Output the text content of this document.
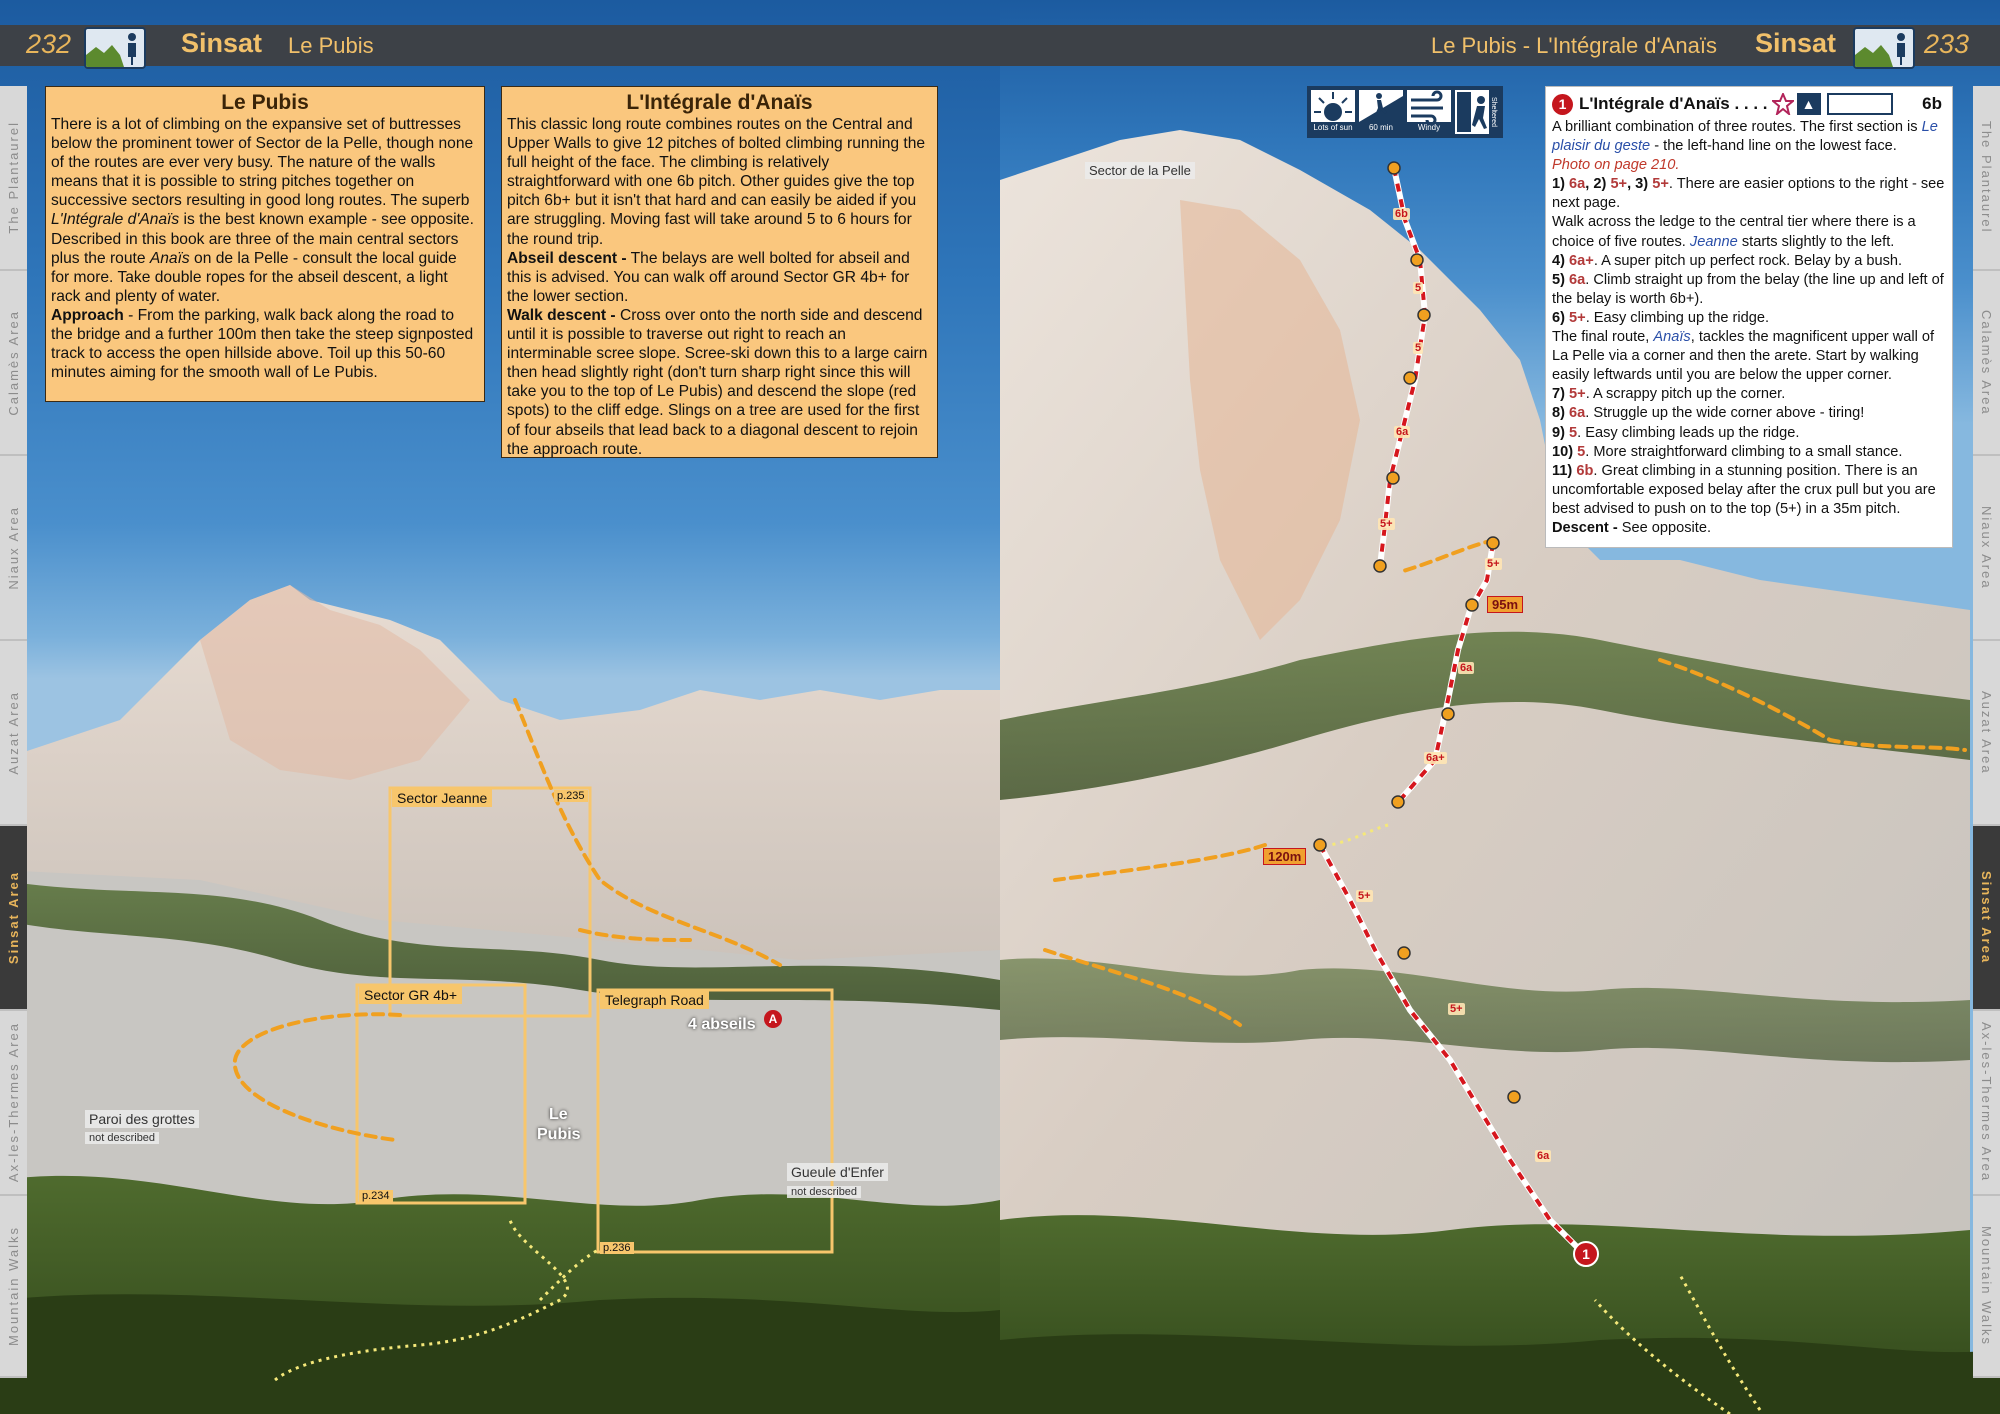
1
232	Sinsat Le Pubis	Le Pubis - L'Intégrale d'Anaïs Sinsat	233
The Plantaurel
Calamès Area
Niaux Area
Auzat Area
Sinsat Area
Ax-les-Thermes Area
Mountain Walks
The Plantaurel
Calamès Area
Niaux Area
Auzat Area
Sinsat Area
Ax-les-Thermes Area
Mountain Walks
Le Pubis

There is a lot of climbing on the expansive set of buttresses below the prominent tower of Sector de la Pelle, though none of the routes are ever very busy. The nature of the walls means that it is possible to string pitches together on successive sectors resulting in good long routes. The superb L'Intégrale d'Anaïs is the best known example - see opposite.

Described in this book are three of the main central sectors plus the route Anaïs on de la Pelle - consult the local guide for more. Take double ropes for the abseil descent, a light rack and plenty of water.

Approach - From the parking, walk back along the road to the bridge and a further 100m then take the steep signposted track to access the open hillside above. Toil up this 50-60 minutes aiming for the smooth wall of Le Pubis.

L'Intégrale d'Anaïs

This classic long route combines routes on the Central and Upper Walls to give 12 pitches of bolted climbing running the full height of the face. The climbing is relatively straightforward with one 6b pitch. Other guides give the top pitch 6b+ but it isn't that hard and can easily be aided if you are struggling. Moving fast will take around 5 to 6 hours for the round trip.

Abseil descent - The belays are well bolted for abseil and this is advised. You can walk off around Sector GR 4b+ for the lower section.

Walk descent - Cross over onto the north side and descend until it is possible to traverse out right to reach an interminable scree slope. Scree-ski down this to a large cairn then head slightly right (don't turn sharp right since this will take you to the top of Le Pubis) and descend the slope (red spots) to the cliff edge. Slings on a tree are used for the first of four abseils that lead back to a diagonal descent to rejoin the approach route.

Lots of sun	60 min	Windy
Sheltered	1 L'Intégrale d'Anaïs . . . .	▲	6b

A brilliant combination of three routes. The first section is Le plaisir du geste - the left-hand line on the lowest face.

Photo on page 210.

1) 6a, 2) 5+, 3) 5+. There are easier options to the right - see next page.

Walk across the ledge to the central tier where there is a choice of five routes. Jeanne starts slightly to the left.

4) 6a+. A super pitch up perfect rock. Belay by a bush.

5) 6a. Climb straight up from the belay (the line up and left of the belay is worth 6b+).

6) 5+. Easy climbing up the ridge.

The final route, Anaïs, tackles the magnificent upper wall of La Pelle via a corner and then the arete. Start by walking easily leftwards until you are below the upper corner.

7) 5+. A scrappy pitch up the corner.

8) 6a. Struggle up the wide corner above - tiring!

9) 5. Easy climbing leads up the ridge.

10) 5. More straightforward climbing to a small stance.

11) 6b. Great climbing in a stunning position. There is an uncomfortable exposed belay after the crux pull but you are best advised to push on to the top (5+) in a 35m pitch.

Descent - See opposite.

Sector Jeanne	p.235
Sector GR 4b+
p.234
Telegraph Road
p.236
4 abseils	A
Le
Pubis
Paroi des grottes
not described
Gueule d'Enfer
not described
Sector de la Pelle
95m
120m
6b
5
5
6a
5+
5+
6a
6a+
5+
5+
6a
